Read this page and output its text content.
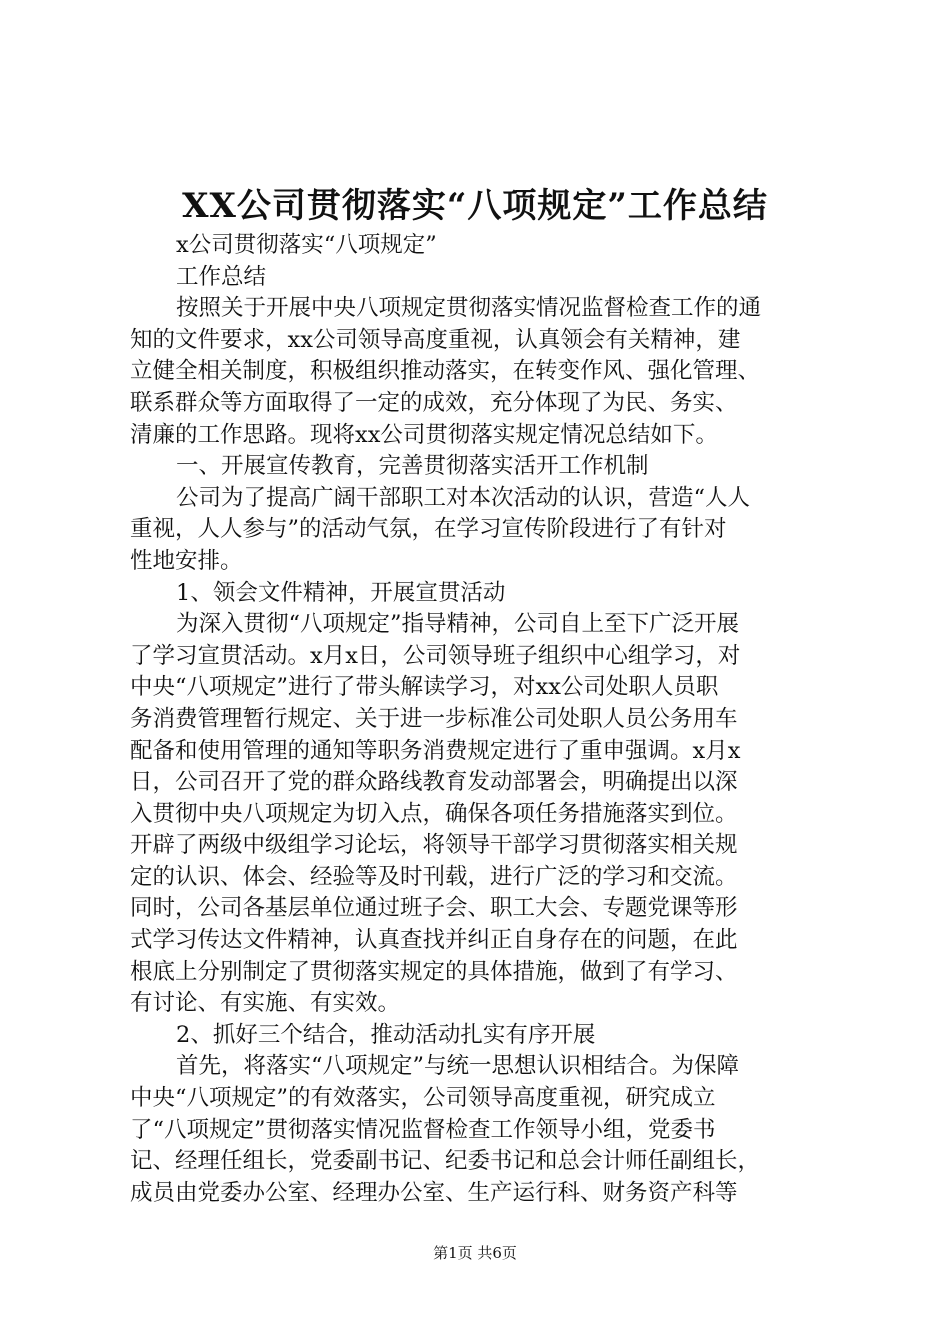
XX公司贯彻落实“八项规定”工作总结
x公司贯彻落实“八项规定”
工作总结
按照关于开展中央八项规定贯彻落实情况监督检查工作的通
知的文件要求，xx公司领导高度重视，认真领会有关精神，建
立健全相关制度，积极组织推动落实，在转变作风、强化管理、
联系群众等方面取得了一定的成效，充分体现了为民、务实、
清廉的工作思路。现将xx公司贯彻落实规定情况总结如下。
一、开展宣传教育，完善贯彻落实活开工作机制
公司为了提高广阔干部职工对本次活动的认识，营造“人人
重视，人人参与”的活动气氛，在学习宣传阶段进行了有针对
性地安排。
1、领会文件精神，开展宣贯活动
为深入贯彻“八项规定”指导精神，公司自上至下广泛开展
了学习宣贯活动。x月x日，公司领导班子组织中心组学习，对
中央“八项规定”进行了带头解读学习，对xx公司处职人员职
务消费管理暂行规定、关于进一步标准公司处职人员公务用车
配备和使用管理的通知等职务消费规定进行了重申强调。x月x
日，公司召开了党的群众路线教育发动部署会，明确提出以深
入贯彻中央八项规定为切入点，确保各项任务措施落实到位。
开辟了两级中级组学习论坛，将领导干部学习贯彻落实相关规
定的认识、体会、经验等及时刊载，进行广泛的学习和交流。
同时，公司各基层单位通过班子会、职工大会、专题党课等形
式学习传达文件精神，认真查找并纠正自身存在的问题，在此
根底上分别制定了贯彻落实规定的具体措施，做到了有学习、
有讨论、有实施、有实效。
2、抓好三个结合，推动活动扎实有序开展
首先，将落实“八项规定”与统一思想认识相结合。为保障
中央“八项规定”的有效落实，公司领导高度重视，研究成立
了“八项规定”贯彻落实情况监督检查工作领导小组，党委书
记、经理任组长，党委副书记、纪委书记和总会计师任副组长，
成员由党委办公室、经理办公室、生产运行科、财务资产科等
第1页 共6页
